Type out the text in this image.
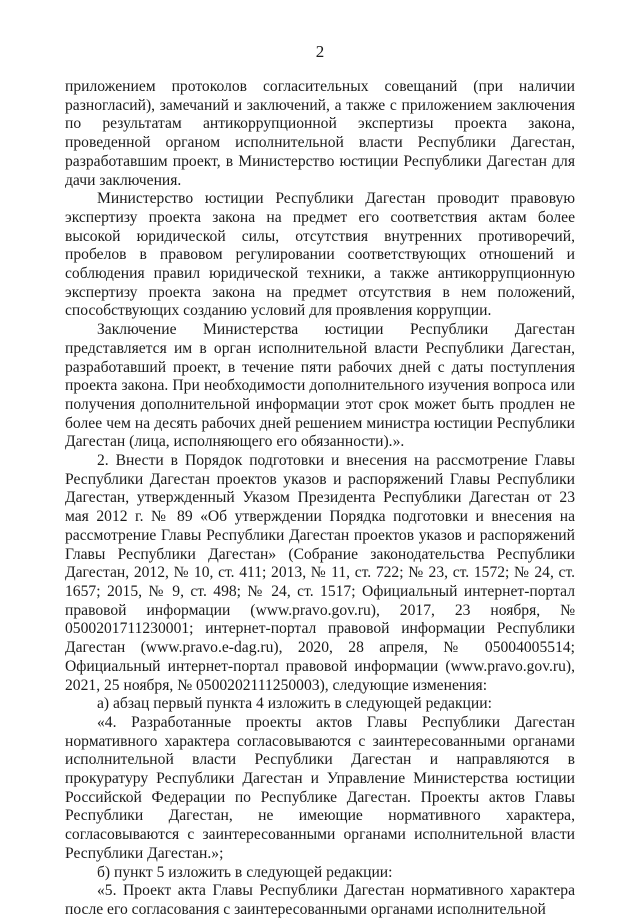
2

приложением протоколов согласительных совещаний (при наличии разногласий), замечаний и заключений, а также с приложением заключения по результатам антикоррупционной экспертизы проекта закона, проведенной органом исполнительной власти Республики Дагестан, разработавшим проект, в Министерство юстиции Республики Дагестан для дачи заключения.

Министерство юстиции Республики Дагестан проводит правовую экспертизу проекта закона на предмет его соответствия актам более высокой юридической силы, отсутствия внутренних противоречий, пробелов в правовом регулировании соответствующих отношений и соблюдения правил юридической техники, а также антикоррупционную экспертизу проекта закона на предмет отсутствия в нем положений, способствующих созданию условий для проявления коррупции.

Заключение Министерства юстиции Республики Дагестан представляется им в орган исполнительной власти Республики Дагестан, разработавший проект, в течение пяти рабочих дней с даты поступления проекта закона. При необходимости дополнительного изучения вопроса или получения дополнительной информации этот срок может быть продлен не более чем на десять рабочих дней решением министра юстиции Республики Дагестан (лица, исполняющего его обязанности).».

2. Внести в Порядок подготовки и внесения на рассмотрение Главы Республики Дагестан проектов указов и распоряжений Главы Республики Дагестан, утвержденный Указом Президента Республики Дагестан от 23 мая 2012 г. № 89 «Об утверждении Порядка подготовки и внесения на рассмотрение Главы Республики Дагестан проектов указов и распоряжений Главы Республики Дагестан» (Собрание законодательства Республики Дагестан, 2012, № 10, ст. 411; 2013, № 11, ст. 722; № 23, ст. 1572; № 24, ст. 1657; 2015, № 9, ст. 498; № 24, ст. 1517; Официальный интернет-портал правовой информации (www.pravo.gov.ru), 2017, 23 ноября, № 0500201711230001; интернет-портал правовой информации Республики Дагестан (www.pravo.e-dag.ru), 2020, 28 апреля, № 05004005514; Официальный интернет-портал правовой информации (www.pravo.gov.ru), 2021, 25 ноября, № 0500202111250003), следующие изменения:

а) абзац первый пункта 4 изложить в следующей редакции:

«4. Разработанные проекты актов Главы Республики Дагестан нормативного характера согласовываются с заинтересованными органами исполнительной власти Республики Дагестан и направляются в прокуратуру Республики Дагестан и Управление Министерства юстиции Российской Федерации по Республике Дагестан. Проекты актов Главы Республики Дагестан, не имеющие нормативного характера, согласовываются с заинтересованными органами исполнительной власти Республики Дагестан.»;

б) пункт 5 изложить в следующей редакции:

«5. Проект акта Главы Республики Дагестан нормативного характера после его согласования с заинтересованными органами исполнительной
